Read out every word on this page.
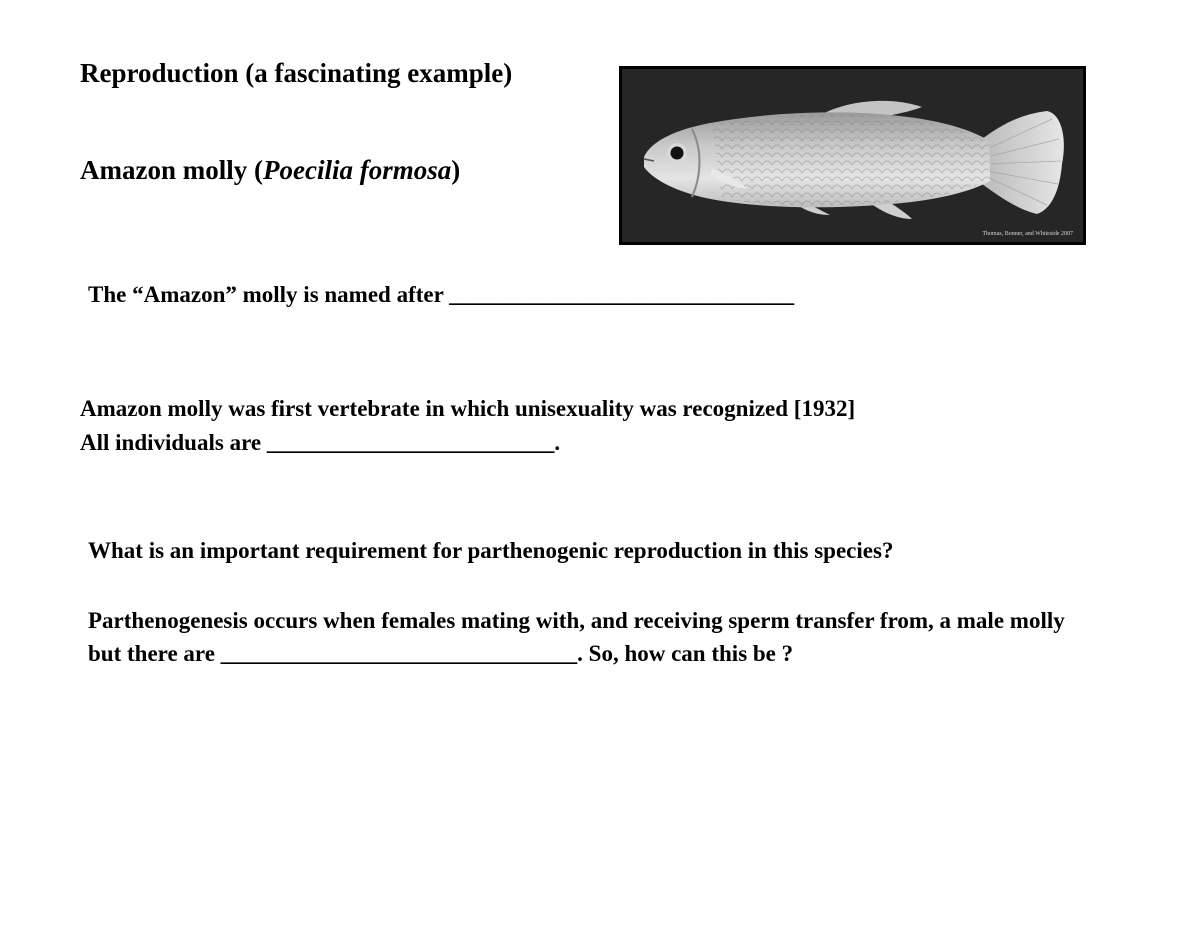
Reproduction (a fascinating example)
Amazon molly (Poecilia formosa)
Thomas, Bonner, and Whiteside 2007
The “Amazon” molly is named after ______________________________
Amazon molly was first vertebrate in which unisexuality was recognized [1932]
All individuals are _________________________.
What is an important requirement for parthenogenic reproduction in this species?
Parthenogenesis occurs when females mating with, and receiving sperm transfer from, a male molly but there are _______________________________. So, how can this be ?
